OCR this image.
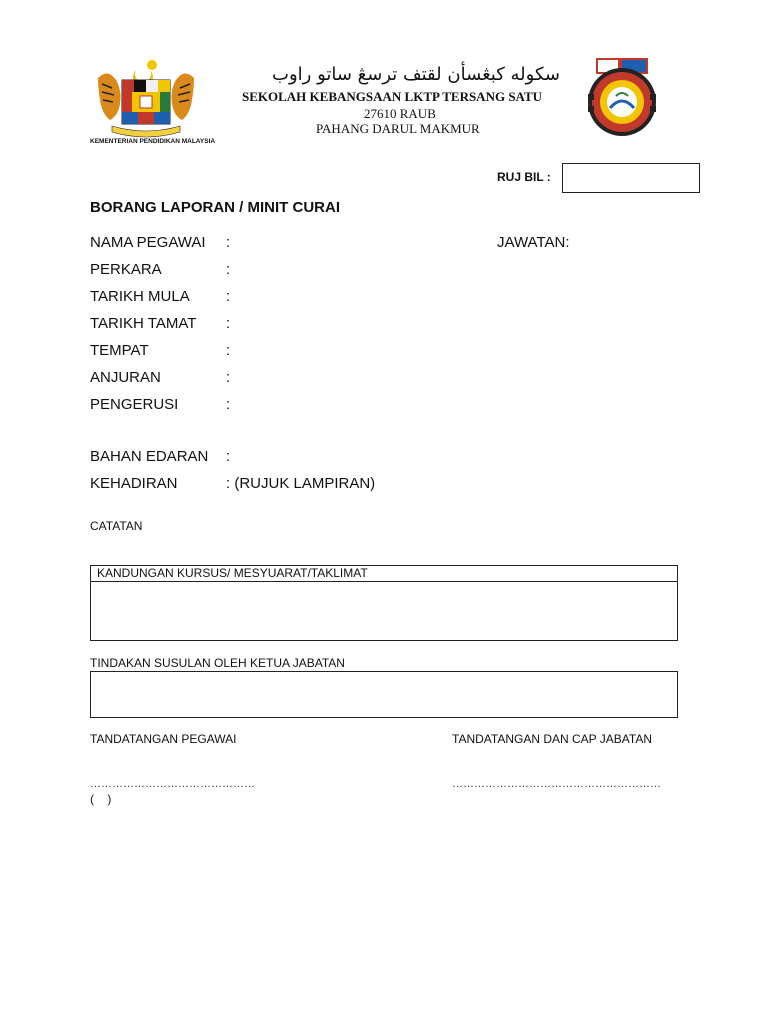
KEMENTERIAN PENDIDIKAN MALAYSIA
سكوله كبڠسأن لقتف ترسڠ ساتو راوب
SEKOLAH KEBANGSAAN LKTP TERSANG SATU
27610 RAUB
PAHANG DARUL MAKMUR
RUJ BIL :
BORANG LAPORAN / MINIT CURAI
NAMA PEGAWAI :	JAWATAN:
PERKARA	:
TARIKH MULA :
TARIKH TAMAT :
TEMPAT	:
ANJURAN	:
PENGERUSI	:
BAHAN EDARAN :
KEHADIRAN	: (RUJUK LAMPIRAN)
CATATAN
KANDUNGAN KURSUS/ MESYUARAT/TAKLIMAT
TINDAKAN SUSULAN OLEH KETUA JABATAN
TANDATANGAN PEGAWAI	TANDATANGAN DAN CAP JABATAN
………………………………………	…………………………………………………
(    )
